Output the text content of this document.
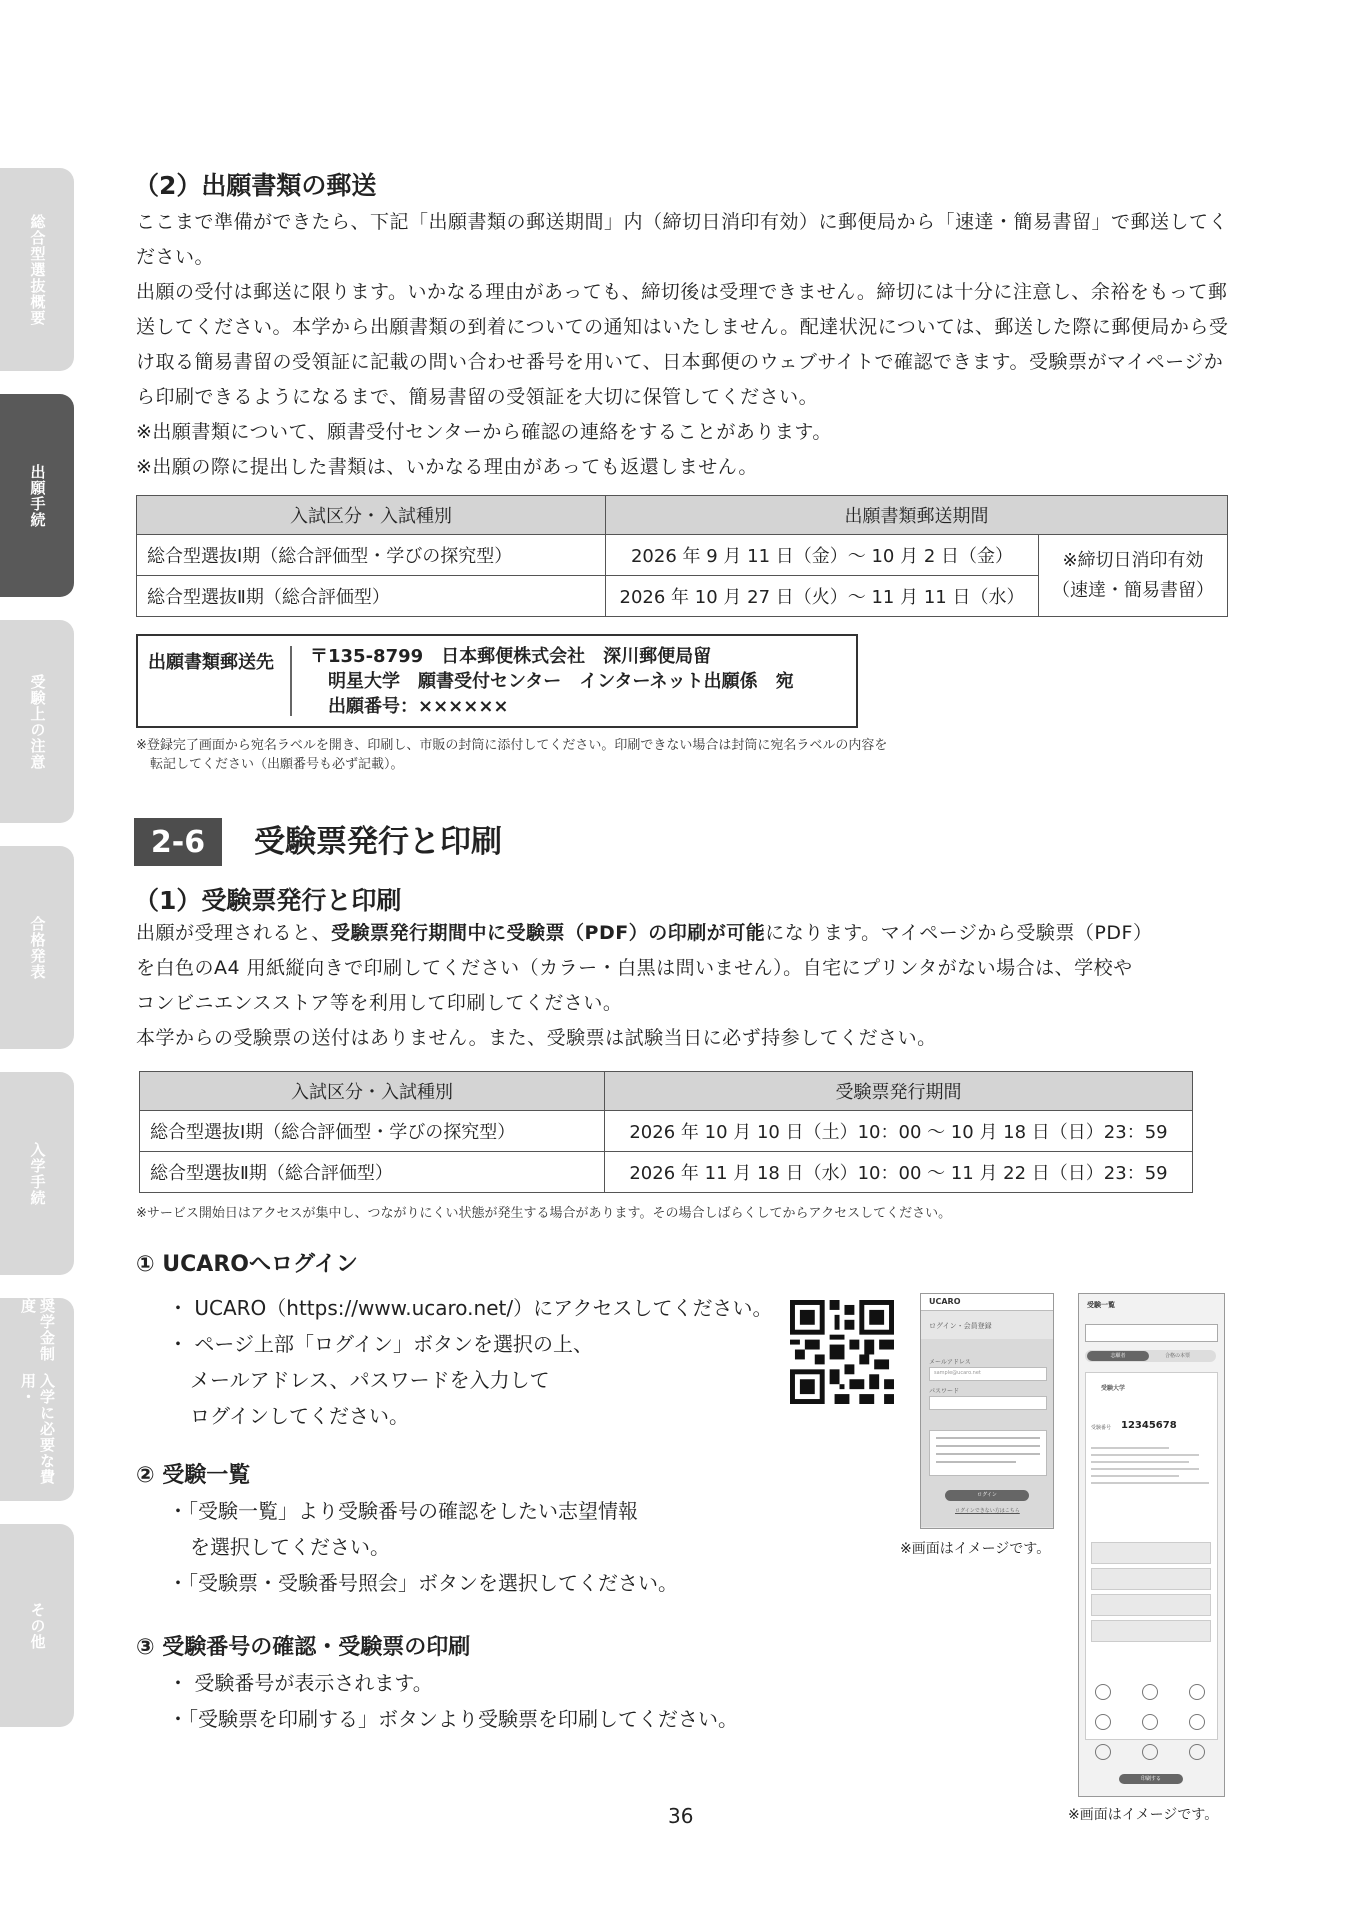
総合型選抜概要
出願手続
受験上の注意
合格発表
入学手続
入学に必要な費用・
奨学金制度
その他
（2）出願書類の郵送

ここまで準備ができたら、下記「出願書類の郵送期間」内（締切日消印有効）に郵便局から「速達・簡易書留」で郵送してください。

出願の受付は郵送に限ります。いかなる理由があっても、締切後は受理できません。締切には十分に注意し、余裕をもって郵送してください。本学から出願書類の到着についての通知はいたしません。配達状況については、郵送した際に郵便局から受け取る簡易書留の受領証に記載の問い合わせ番号を用いて、日本郵便のウェブサイトで確認できます。受験票がマイページから印刷できるようになるまで、簡易書留の受領証を大切に保管してください。

※出願書類について、願書受付センターから確認の連絡をすることがあります。

※出願の際に提出した書類は、いかなる理由があっても返還しません。

入試区分・入試種別	出願書類郵送期間	
総合型選抜Ⅰ期（総合評価型・学びの探究型）	2026 年 9 月 11 日（金）～ 10 月 2 日（金）	※締切日消印有効
（速達・簡易書留）

総合型選抜Ⅱ期（総合評価型）	2026 年 10 月 27 日（火）～ 11 月 11 日（水）	
出願書類郵送先 〒135-8799　日本郵便株式会社　深川郵便局留
明星大学　願書受付センター　インターネット出願係　宛
出願番号：××××××
※登録完了画面から宛名ラベルを開き、印刷し、市販の封筒に添付してください。印刷できない場合は封筒に宛名ラベルの内容を
転記してください（出願番号も必ず記載）。
2-6	受験票発行と印刷
（1）受験票発行と印刷

出願が受理されると、受験票発行期間中に受験票（PDF）の印刷が可能になります。マイページから受験票（PDF）

を白色のA4 用紙縦向きで印刷してください（カラー・白黒は問いません）。自宅にプリンタがない場合は、学校や

コンビニエンスストア等を利用して印刷してください。

本学からの受験票の送付はありません。また、受験票は試験当日に必ず持参してください。

入試区分・入試種別	受験票発行期間
総合型選抜Ⅰ期（総合評価型・学びの探究型）	2026 年 10 月 10 日（土）10：00 ～ 10 月 18 日（日）23：59
総合型選抜Ⅱ期（総合評価型）	2026 年 11 月 18 日（水）10：00 ～ 11 月 22 日（日）23：59
※サービス開始日はアクセスが集中し、つながりにくい状態が発生する場合があります。その場合しばらくしてからアクセスしてください。
① UCAROへログイン
・ UCARO（https://www.ucaro.net/）にアクセスしてください。
・ ページ上部「ログイン」ボタンを選択の上、
メールアドレス、パスワードを入力して
ログインしてください。
② 受験一覧
・「受験一覧」より受験番号の確認をしたい志望情報
を選択してください。
・「受験票・受験番号照会」ボタンを選択してください。
③ 受験番号の確認・受験票の印刷
・ 受験番号が表示されます。
・「受験票を印刷する」ボタンより受験票を印刷してください。
UCARO
ログイン・会員登録
メールアドレス
sample@ucaro.net
パスワード
ログイン
ログインできない方はこちら
※画面はイメージです。
受験一覧
志願者	合格の本票
受験大学
受験番号 12345678
印刷する
※画面はイメージです。
36
